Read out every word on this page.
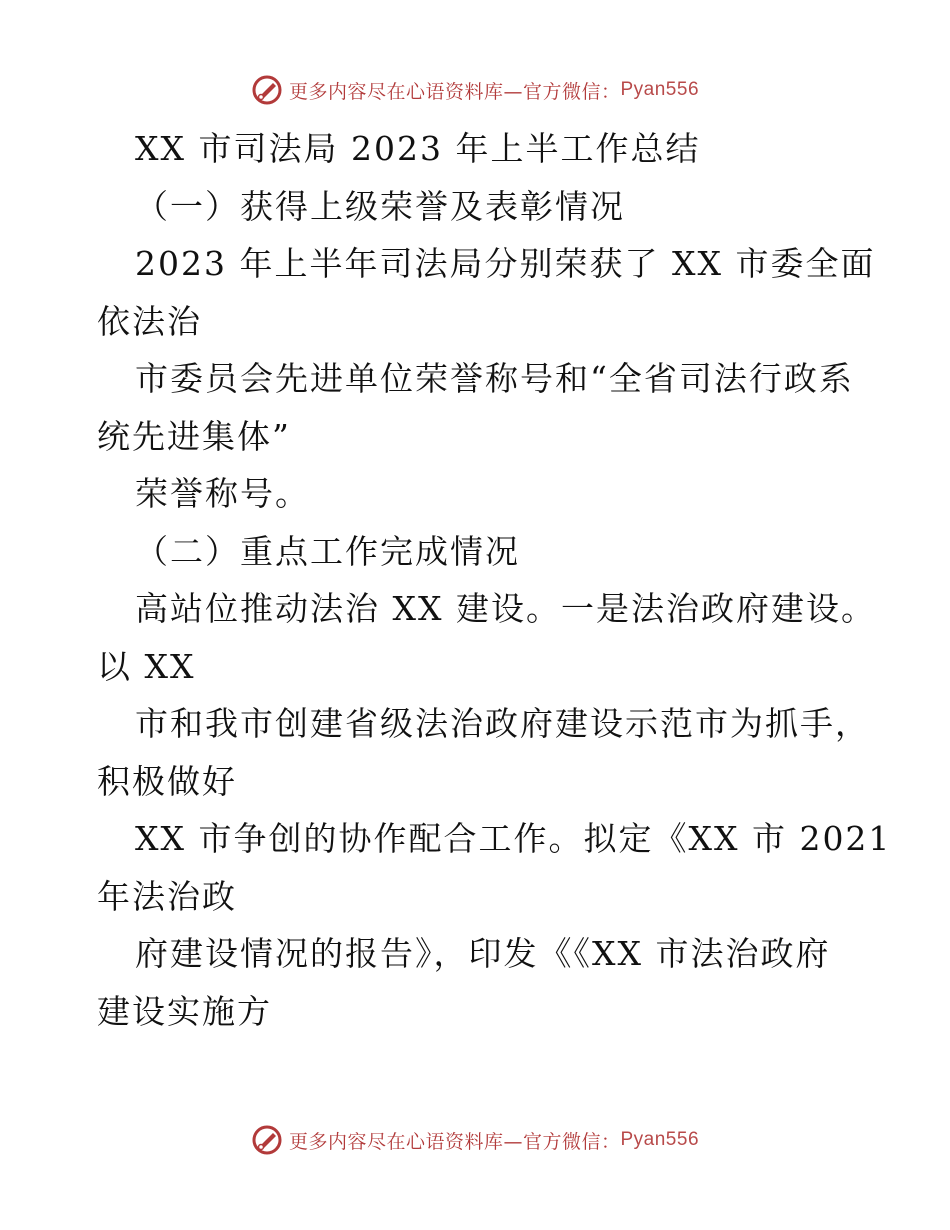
更多内容尽在心语资料库—官方微信： Pyan556
XX 市司法局 2023 年上半工作总结
（一）获得上级荣誉及表彰情况
2023 年上半年司法局分别荣获了 XX 市委全面
依法治
市委员会先进单位荣誉称号和“全省司法行政系
统先进集体”
荣誉称号。
（二）重点工作完成情况
高站位推动法治 XX 建设。一是法治政府建设。
以 XX
市和我市创建省级法治政府建设示范市为抓手，
积极做好
XX 市争创的协作配合工作。拟定《XX 市 2021
年法治政
府建设情况的报告》，印发《《XX 市法治政府
建设实施方
更多内容尽在心语资料库—官方微信： Pyan556
